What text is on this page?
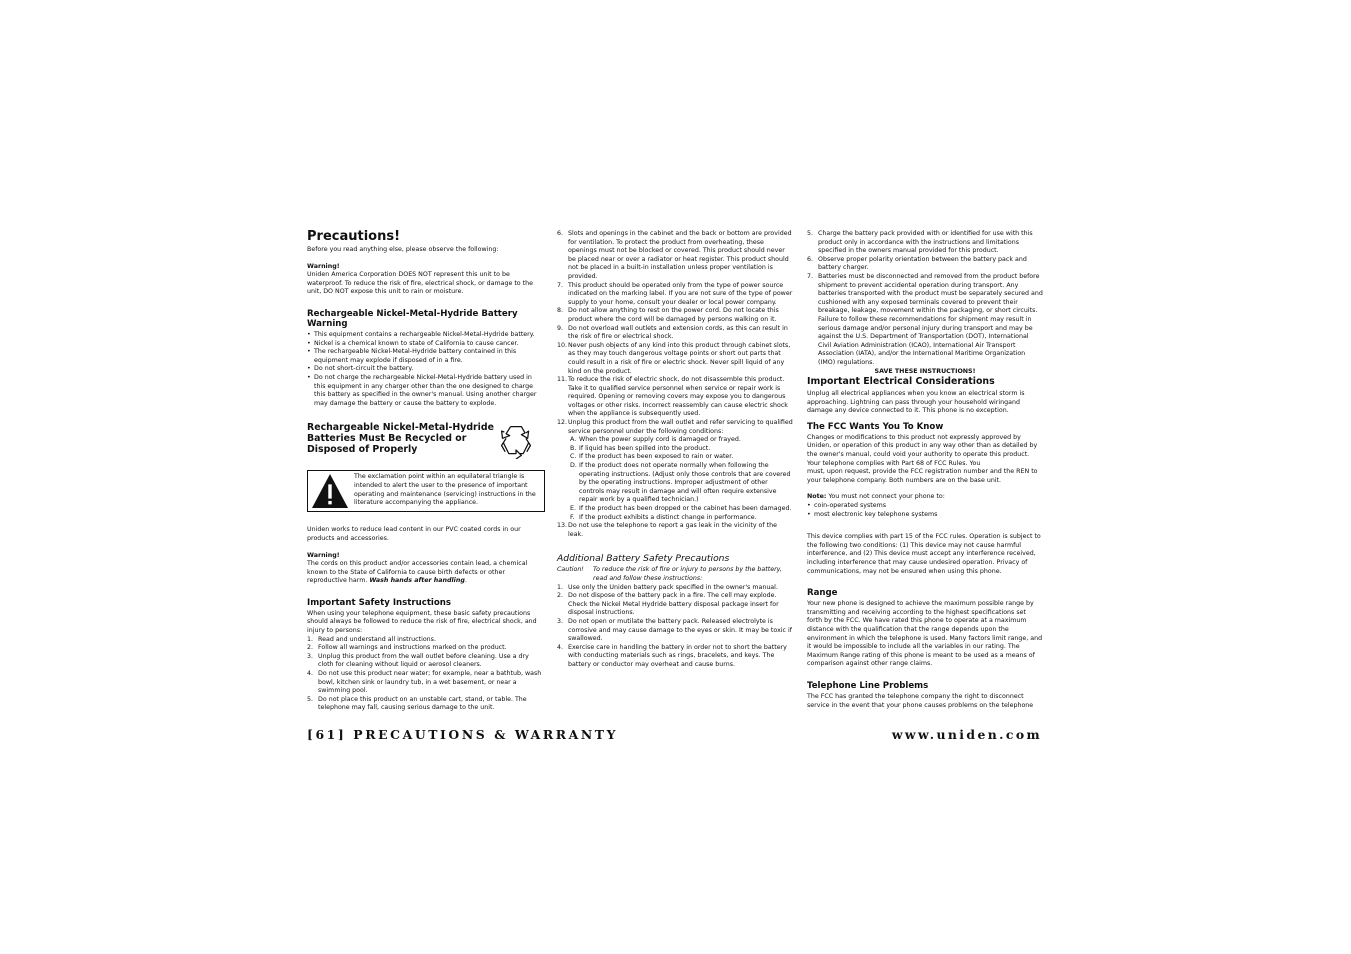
Precautions!

Before you read anything else, please observe the following:

Warning!

Uniden America Corporation DOES NOT represent this unit to be waterproof. To reduce the risk of fire, electrical shock, or damage to the unit, DO NOT expose this unit to rain or moisture.

Rechargeable Nickel-Metal-Hydride Battery Warning

• This equipment contains a rechargeable Nickel-Metal-Hydride battery.
• Nickel is a chemical known to state of California to cause cancer.
• The rechargeable Nickel-Metal-Hydride battery contained in this equipment may explode if disposed of in a fire.
• Do not short-circuit the battery.
• Do not charge the rechargeable Nickel-Metal-Hydride battery used in this equipment in any charger other than the one designed to charge this battery as specified in the owner's manual. Using another charger may damage the battery or cause the battery to explode.

Rechargeable Nickel-Metal-Hydride Batteries Must Be Recycled or Disposed of Properly

The exclamation point within an equilateral triangle is intended to alert the user to the presence of important operating and maintenance (servicing) instructions in the literature accompanying the appliance.

Uniden works to reduce lead content in our PVC coated cords in our products and accessories.

Warning!

The cords on this product and/or accessories contain lead, a chemical known to the State of California to cause birth defects or other reproductive harm. Wash hands after handling.

Important Safety Instructions

When using your telephone equipment, these basic safety precautions should always be followed to reduce the risk of fire, electrical shock, and injury to persons:

1. Read and understand all instructions.
2. Follow all warnings and instructions marked on the product.
3. Unplug this product from the wall outlet before cleaning. Use a dry cloth for cleaning without liquid or aerosol cleaners.
4. Do not use this product near water; for example, near a bathtub, wash bowl, kitchen sink or laundry tub, in a wet basement, or near a swimming pool.
5. Do not place this product on an unstable cart, stand, or table. The telephone may fall, causing serious damage to the unit.
6. Slots and openings in the cabinet and the back or bottom are provided for ventilation. To protect the product from overheating, these openings must not be blocked or covered. This product should never be placed near or over a radiator or heat register. This product should not be placed in a built-in installation unless proper ventilation is provided.
7. This product should be operated only from the type of power source indicated on the marking label. If you are not sure of the type of power supply to your home, consult your dealer or local power company.
8. Do not allow anything to rest on the power cord. Do not locate this product where the cord will be damaged by persons walking on it.
9. Do not overload wall outlets and extension cords, as this can result in the risk of fire or electrical shock.
10. Never push objects of any kind into this product through cabinet slots, as they may touch dangerous voltage points or short out parts that could result in a risk of fire or electric shock. Never spill liquid of any kind on the product.
11. To reduce the risk of electric shock, do not disassemble this product. Take it to qualified service personnel when service or repair work is required. Opening or removing covers may expose you to dangerous voltages or other risks. Incorrect reassembly can cause electric shock when the appliance is subsequently used.
12. Unplug this product from the wall outlet and refer servicing to qualified service personnel under the following conditions:
A. When the power supply cord is damaged or frayed.
B. If liquid has been spilled into the product.
C. If the product has been exposed to rain or water.
D. If the product does not operate normally when following the operating instructions. (Adjust only those controls that are covered by the operating instructions. Improper adjustment of other controls may result in damage and will often require extensive repair work by a qualified technician.)
E. If the product has been dropped or the cabinet has been damaged.
F. If the product exhibits a distinct change in performance.
13. Do not use the telephone to report a gas leak in the vicinity of the leak.

Additional Battery Safety Precautions

Caution!	To reduce the risk of fire or injury to persons by the battery, read and follow these instructions:
1. Use only the Uniden battery pack specified in the owner's manual.
2. Do not dispose of the battery pack in a fire. The cell may explode. Check the Nickel Metal Hydride battery disposal package insert for disposal instructions.
3. Do not open or mutilate the battery pack. Released electrolyte is corrosive and may cause damage to the eyes or skin. It may be toxic if swallowed.
4. Exercise care in handling the battery in order not to short the battery with conducting materials such as rings, bracelets, and keys. The battery or conductor may overheat and cause burns.
5. Charge the battery pack provided with or identified for use with this product only in accordance with the instructions and limitations specified in the owners manual provided for this product.
6. Observe proper polarity orientation between the battery pack and battery charger.
7. Batteries must be disconnected and removed from the product before shipment to prevent accidental operation during transport. Any batteries transported with the product must be separately secured and cushioned with any exposed terminals covered to prevent their breakage, leakage, movement within the packaging, or short circuits. Failure to follow these recommendations for shipment may result in serious damage and/or personal injury during transport and may be against the U.S. Department of Transportation (DOT), International Civil Aviation Administration (ICAO), International Air Transport Association (IATA), and/or the International Maritime Organization (IMO) regulations.

SAVE THESE INSTRUCTIONS!

Important Electrical Considerations

Unplug all electrical appliances when you know an electrical storm is approaching. Lightning can pass through your household wiringand damage any device connected to it. This phone is no exception.

The FCC Wants You To Know

Changes or modifications to this product not expressly approved by Uniden, or operation of this product in any way other than as detailed by the owner's manual, could void your authority to operate this product. Your telephone complies with Part 68 of FCC Rules. You

must, upon request, provide the FCC registration number and the REN to your telephone company. Both numbers are on the base unit.

Note: You must not connect your phone to:

• coin-operated systems
• most electronic key telephone systems

This device complies with part 15 of the FCC rules. Operation is subject to the following two conditions: (1) This device may not cause harmful interference, and (2) This device must accept any interference received, including interference that may cause undesired operation. Privacy of communications, may not be ensured when using this phone.

Range

Your new phone is designed to achieve the maximum possible range by transmitting and receiving according to the highest specifications set forth by the FCC. We have rated this phone to operate at a maximum distance with the qualification that the range depends upon the environment in which the telephone is used. Many factors limit range, and it would be impossible to include all the variables in our rating. The Maximum Range rating of this phone is meant to be used as a means of comparison against other range claims.

Telephone Line Problems

The FCC has granted the telephone company the right to disconnect service in the event that your phone causes problems on the telephone

[61] PRECAUTIONS & WARRANTY	www.uniden.com
